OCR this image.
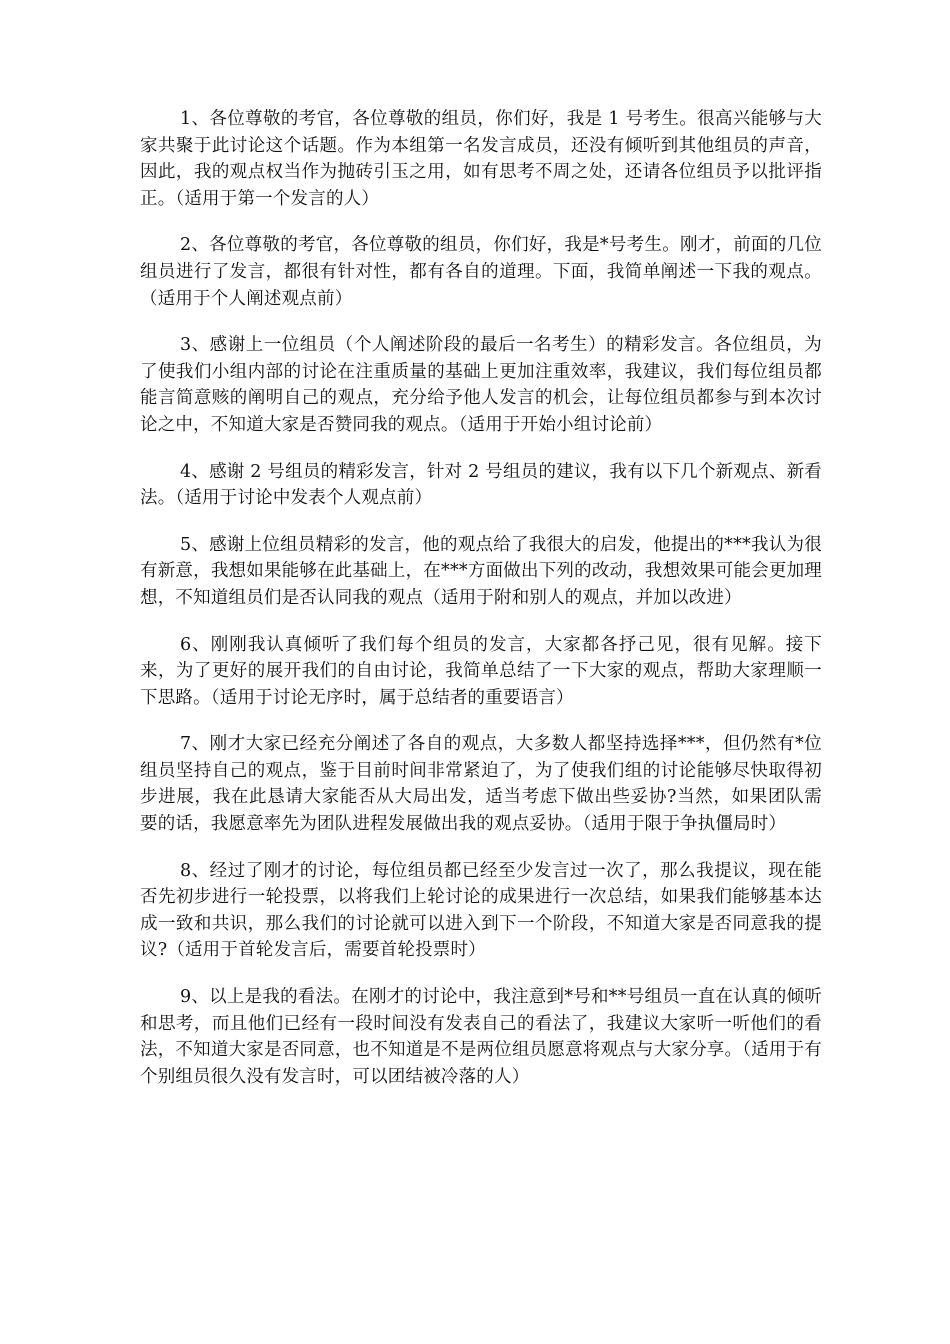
1、各位尊敬的考官，各位尊敬的组员，你们好，我是 1 号考生。很高兴能够与大家共聚于此讨论这个话题。作为本组第一名发言成员，还没有倾听到其他组员的声音，因此，我的观点权当作为抛砖引玉之用，如有思考不周之处，还请各位组员予以批评指正。（适用于第一个发言的人）

2、各位尊敬的考官，各位尊敬的组员，你们好，我是*号考生。刚才，前面的几位组员进行了发言，都很有针对性，都有各自的道理。下面，我简单阐述一下我的观点。（适用于个人阐述观点前）

3、感谢上一位组员（个人阐述阶段的最后一名考生）的精彩发言。各位组员，为了使我们小组内部的讨论在注重质量的基础上更加注重效率，我建议，我们每位组员都能言简意赅的阐明自己的观点，充分给予他人发言的机会，让每位组员都参与到本次讨论之中，不知道大家是否赞同我的观点。（适用于开始小组讨论前）

4、感谢 2 号组员的精彩发言，针对 2 号组员的建议，我有以下几个新观点、新看法。（适用于讨论中发表个人观点前）

5、感谢上位组员精彩的发言，他的观点给了我很大的启发，他提出的***我认为很有新意，我想如果能够在此基础上，在***方面做出下列的改动，我想效果可能会更加理想，不知道组员们是否认同我的观点（适用于附和别人的观点，并加以改进）

6、刚刚我认真倾听了我们每个组员的发言，大家都各抒己见，很有见解。接下来，为了更好的展开我们的自由讨论，我简单总结了一下大家的观点，帮助大家理顺一下思路。（适用于讨论无序时，属于总结者的重要语言）

7、刚才大家已经充分阐述了各自的观点，大多数人都坚持选择***，但仍然有*位组员坚持自己的观点，鉴于目前时间非常紧迫了，为了使我们组的讨论能够尽快取得初步进展，我在此恳请大家能否从大局出发，适当考虑下做出些妥协?当然，如果团队需要的话，我愿意率先为团队进程发展做出我的观点妥协。（适用于限于争执僵局时）

8、经过了刚才的讨论，每位组员都已经至少发言过一次了，那么我提议，现在能否先初步进行一轮投票，以将我们上轮讨论的成果进行一次总结，如果我们能够基本达成一致和共识，那么我们的讨论就可以进入到下一个阶段，不知道大家是否同意我的提议?（适用于首轮发言后，需要首轮投票时）

9、以上是我的看法。在刚才的讨论中，我注意到*号和**号组员一直在认真的倾听和思考，而且他们已经有一段时间没有发表自己的看法了，我建议大家听一听他们的看法，不知道大家是否同意，也不知道是不是两位组员愿意将观点与大家分享。（适用于有个别组员很久没有发言时，可以团结被冷落的人）
